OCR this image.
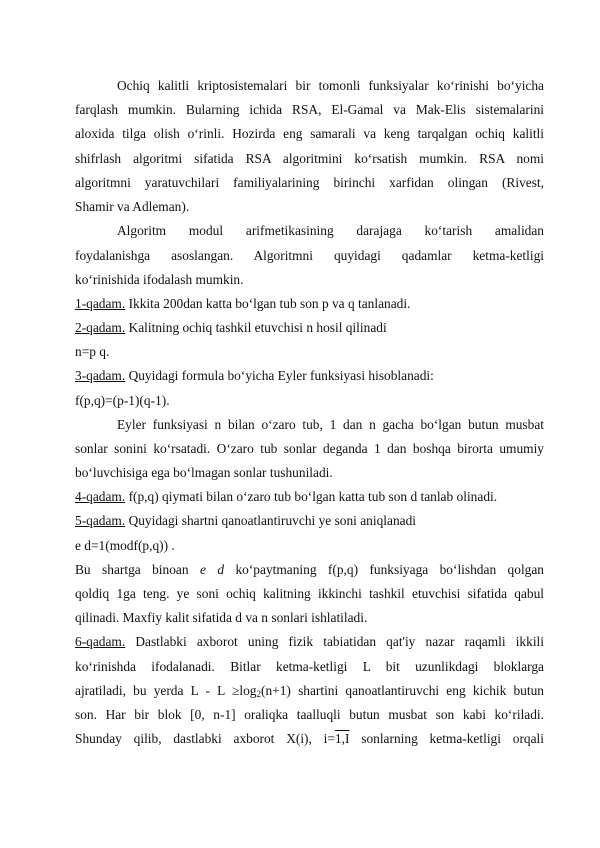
Ochiq kalitli kriptosistemalari bir tomonli funksiyalar ko‘rinishi bo‘yicha
farqlash mumkin. Bularning ichida RSA, El-Gamal va Mak-Elis sistemalarini
aloxida tilga olish o‘rinli. Hozirda eng samarali va keng tarqalgan ochiq kalitli
shifrlash algoritmi sifatida RSA algoritmini ko‘rsatish mumkin. RSA nomi
algoritmni yaratuvchilari familiyalarining birinchi xarfidan olingan (Rivest,
Shamir va Adleman).
Algoritm modul arifmetikasining darajaga ko‘tarish amalidan
foydalanishga asoslangan. Algoritmni quyidagi qadamlar ketma-ketligi
ko‘rinishida ifodalash mumkin.
1-qadam. Ikkita 200dan katta bo‘lgan tub son p va q tanlanadi.
2-qadam. Kalitning ochiq tashkil etuvchisi n hosil qilinadi
n=p q.
3-qadam. Quyidagi formula bo‘yicha Eyler funksiyasi hisoblanadi:
f(p,q)=(p-1)(q-1).
Eyler funksiyasi n bilan o‘zaro tub, 1 dan n gacha bo‘lgan butun musbat
sonlar sonini ko‘rsatadi. O‘zaro tub sonlar deganda 1 dan boshqa birorta umumiy
bo‘luvchisiga ega bo‘lmagan sonlar tushuniladi.
4-qadam. f(p,q) qiymati bilan o‘zaro tub bo‘lgan katta tub son d tanlab olinadi.
5-qadam. Quyidagi shartni qanoatlantiruvchi ye soni aniqlanadi
e d=1(modf(p,q)) .
Bu shartga binoan e d ko‘paytmaning f(p,q) funksiyaga bo‘lishdan qolgan
qoldiq 1ga teng. ye soni ochiq kalitning ikkinchi tashkil etuvchisi sifatida qabul
qilinadi. Maxfiy kalit sifatida d va n sonlari ishlatiladi.
6-qadam. Dastlabki axborot uning fizik tabiatidan qat'iy nazar raqamli ikkili
ko‘rinishda ifodalanadi. Bitlar ketma-ketligi L bit uzunlikdagi bloklarga
ajratiladi, bu yerda $L - L \ge\log_2(n+1)$ shartini qanoatlantiruvchi eng kichik butun
son. Har bir blok [0, n-1] oraliqka taalluqli butun musbat son kabi ko‘riladi.
Shunday qilib, dastlabki axborot X(i), i=1,I sonlarning ketma-ketligi orqali
